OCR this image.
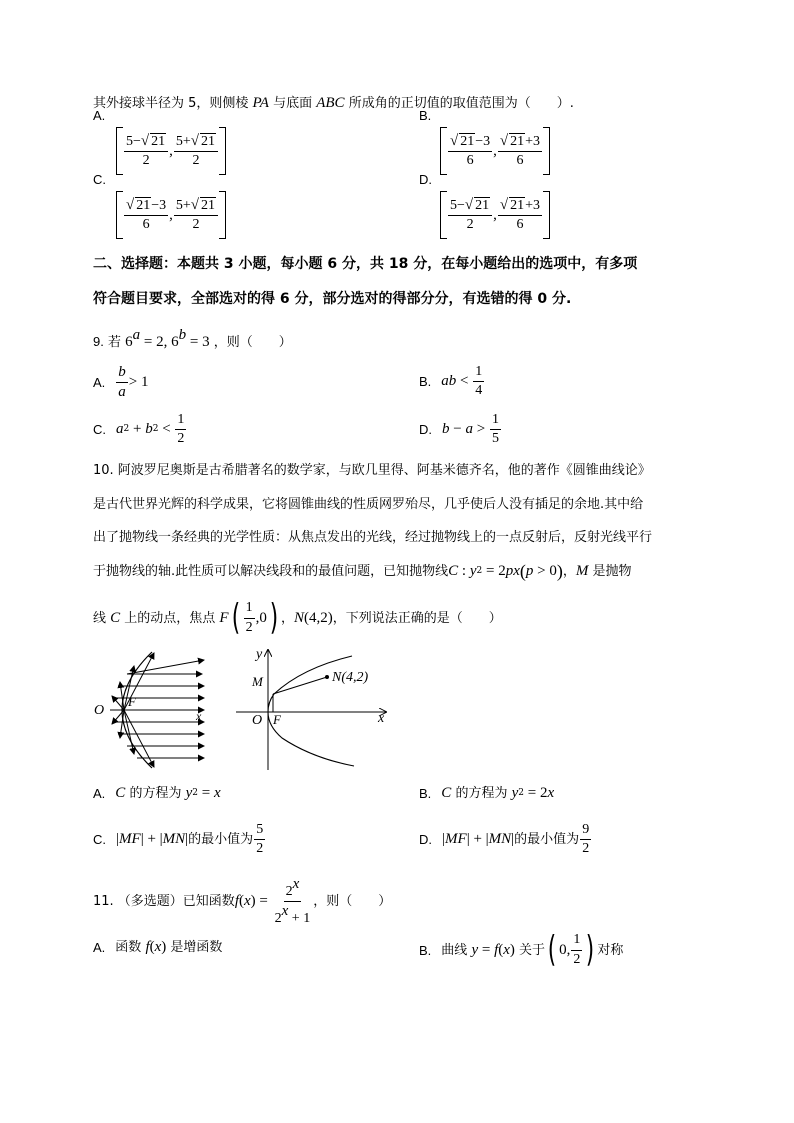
其外接球半径为 5，则侧棱 PA 与底面 ABC 所成角的正切值的取值范围为（　　）.
A.
$\frac{5-√ 21}{2}$ , $\frac{5+√ 21}{2}$
B.
$\frac{√ 21-3}{6}$ , $\frac{√ 21+3}{6}$
C.
$\frac{√ 21-3}{6}$ , $\frac{5+√ 21}{2}$
D.
$\frac{5-√ 21}{2}$ , $\frac{√ 21+3}{6}$
二、选择题：本题共 3 小题，每小题 6 分，共 18 分，在每小题给出的选项中，有多项
符合题目要求，全部选对的得 6 分，部分选对的得部分分，有选错的得 0 分.
9. 若 $6^a = 2$, $6^b = 3$ ，则（　　）
A. $\frac{b}{a} > 1$	B. ab < $\frac{1}{4}$
C. a 2 + b $2 < \frac{1}{2}$	D. $b - a > \frac{1}{5}$
10. 阿波罗尼奥斯是古希腊著名的数学家，与欧几里得、阿基米德齐名，他的著作《圆锥曲线论》
是古代世界光辉的科学成果，它将圆锥曲线的性质网罗殆尽，几乎使后人没有插足的余地.其中给
出了抛物线一条经典的光学性质：从焦点发出的光线，经过抛物线上的一点反射后，反射光线平行
于抛物线的轴.此性质可以解决线段和的最值问题，已知抛物线 C : y 2 = 2 px ( p > 0 ) ， M 是抛物
线 C 上的动点，焦点 F ( $\frac{1}{2} ,0$ ) ， N (4,2) ，下列说法正确的是（　　）
O
F
x
y
M	N(4,2)
O F	x
A. C 的方程为 y 2 = x	B. C 的方程为 y 2 = 2 x
C. | MF | + | MN | 的最小值为 $\frac{5}{2}$	D. | MF | + | MN | 的最小值为 $\frac{9}{2}$
11. （多选题）已知函数 f ( x ) = $\frac{2^x}{2^x + 1}$ ，则（　　）
A. 函数 f ( x ) 是增函数	B. 曲线 y = f ( x ) 关于 ( 0, $\frac{1}{2}$ ) 对称
